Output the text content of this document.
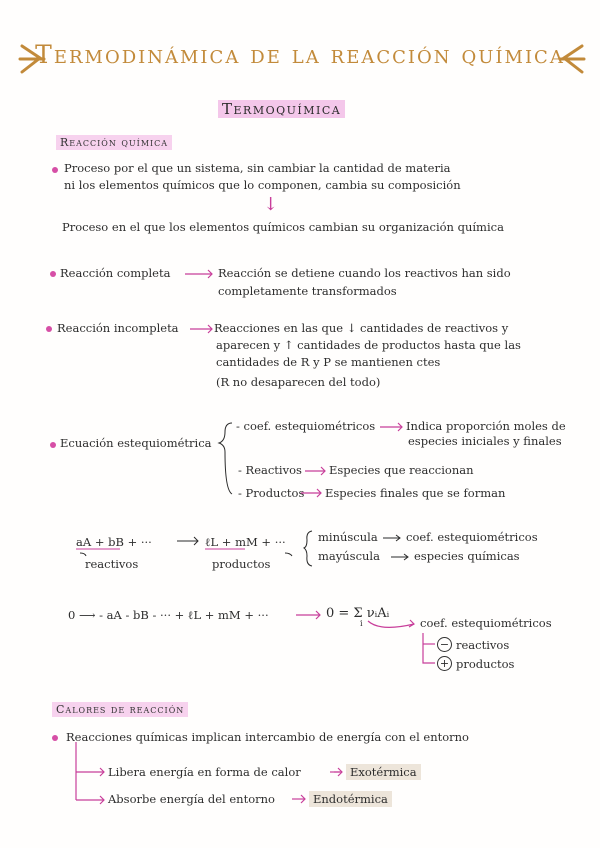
Termodinámica de la reacción química
Termoquímica
Reacción química
Proceso por el que un sistema, sin cambiar la cantidad de materia
ni los elementos químicos que lo componen, cambia su composición
↓
Proceso en el que los elementos químicos cambian su organización química
Reacción completa	Reacción se detiene cuando los reactivos han sido
completamente transformados
Reacción incompleta	Reacciones en las que ↓ cantidades de reactivos y
aparecen y ↑ cantidades de productos hasta que las
cantidades de R y P se mantienen ctes
(R no desaparecen del todo)
Ecuación estequiométrica
- coef. estequiométricos	Indica proporción moles de
especies iniciales y finales
- Reactivos Especies que reaccionan
- Productos Especies finales que se forman
aA + bB + ···	ℓL + mM + ···
reactivos	productos
minúscula coef. estequiométricos
mayúscula	especies químicas
0 ⟶ - aA - bB - ··· + ℓL + mM + ···	0 = Σ νᵢAᵢ
i	coef. estequiométricos
− reactivos
+ productos
Calores de reacción
Reacciones químicas implican intercambio de energía con el entorno
Libera energía en forma de calor	Exotérmica
Absorbe energía del entorno	Endotérmica
